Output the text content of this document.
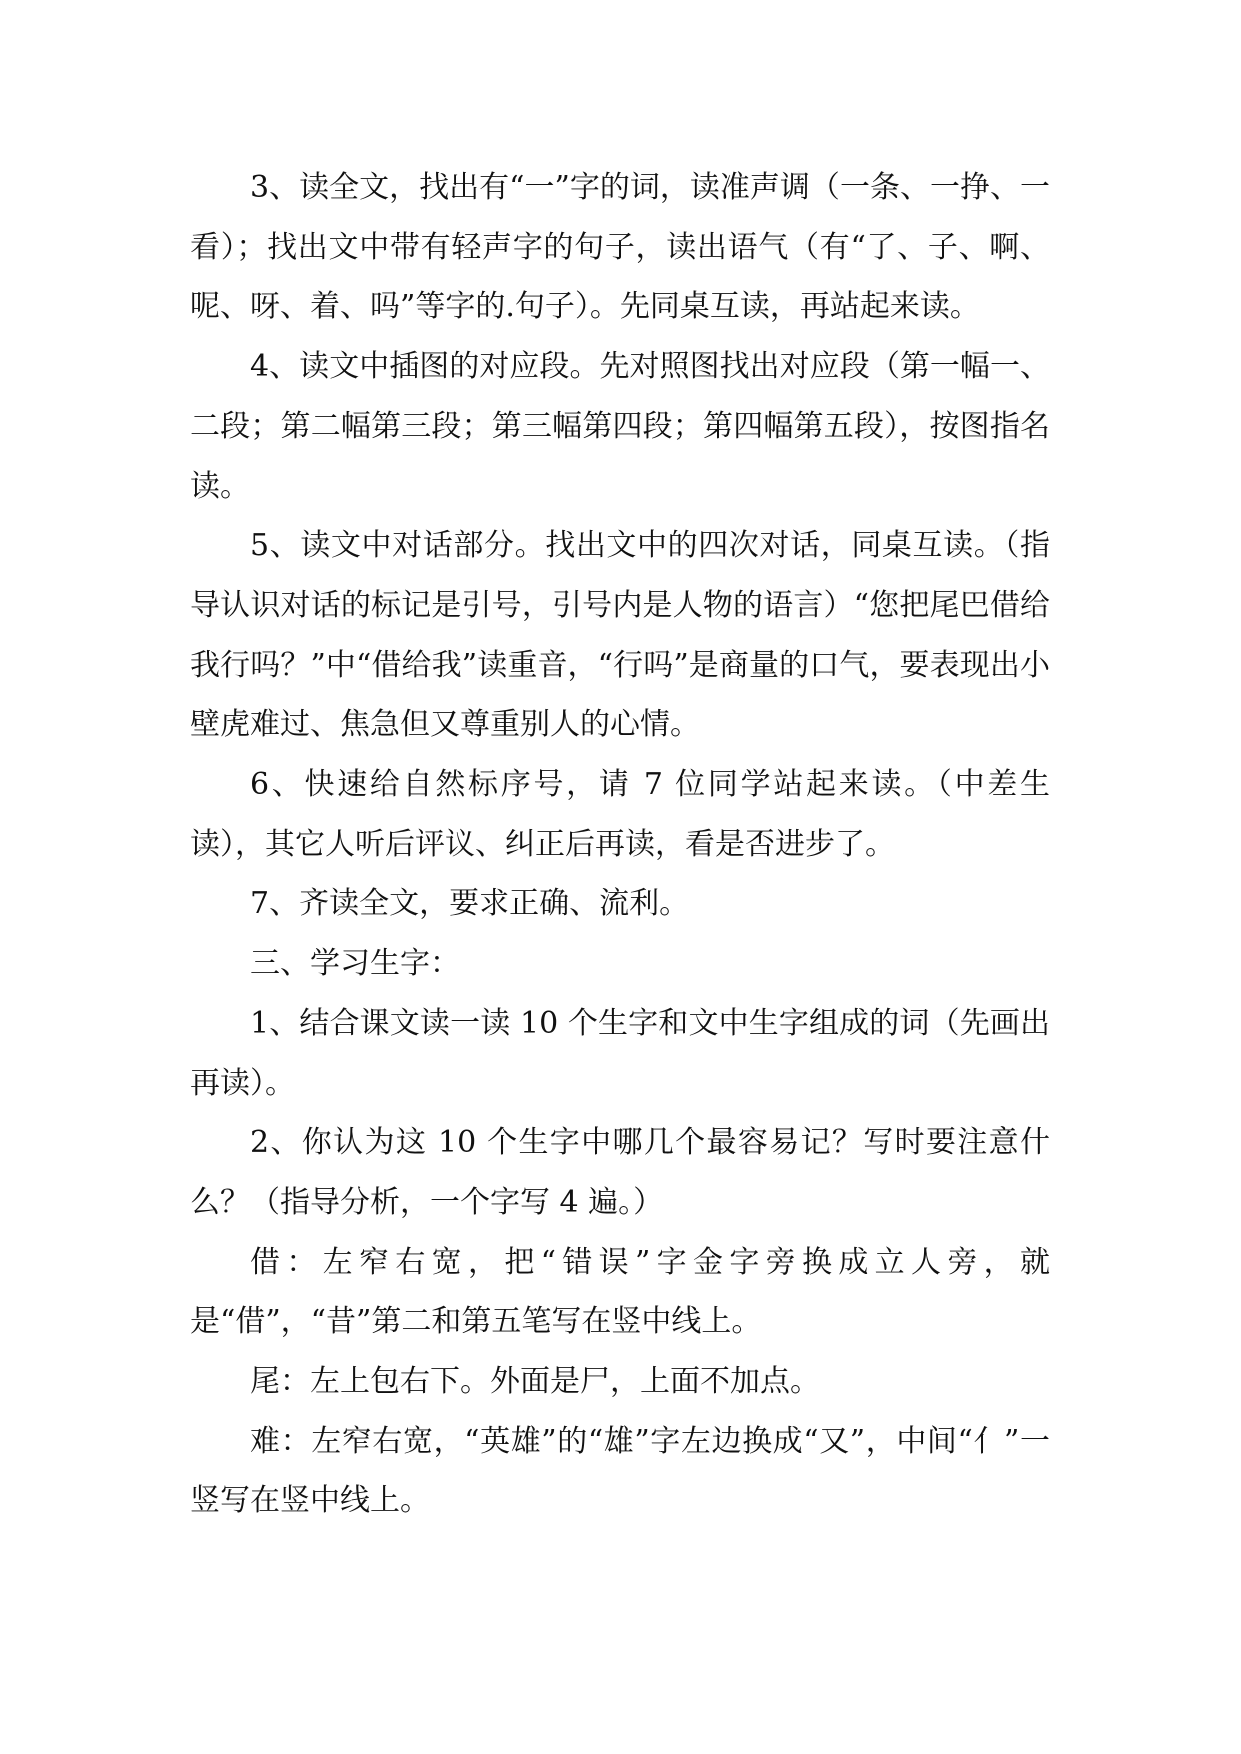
3、读全文，找出有“一”字的词，读准声调（一条、一挣、一看）；找出文中带有轻声字的句子，读出语气（有“了、子、啊、呢、呀、着、吗”等字的.句子）。先同桌互读，再站起来读。

4、读文中插图的对应段。先对照图找出对应段（第一幅一、二段；第二幅第三段；第三幅第四段；第四幅第五段），按图指名读。

5、读文中对话部分。找出文中的四次对话，同桌互读。（指导认识对话的标记是引号，引号内是人物的语言）“您把尾巴借给我行吗？”中“借给我”读重音，“行吗”是商量的口气，要表现出小壁虎难过、焦急但又尊重别人的心情。

6、快速给自然标序号，请 7 位同学站起来读。（中差生读），其它人听后评议、纠正后再读，看是否进步了。

7、齐读全文，要求正确、流利。

三、学习生字：

1、结合课文读一读 10 个生字和文中生字组成的词（先画出再读）。

2、你认为这 10 个生字中哪几个最容易记？写时要注意什么？（指导分析，一个字写 4 遍。）

借：左窄右宽，把“错误”字金字旁换成立人旁，就是“借”，“昔”第二和第五笔写在竖中线上。

尾：左上包右下。外面是尸，上面不加点。

难：左窄右宽，“英雄”的“雄”字左边换成“又”，中间“亻”一竖写在竖中线上。
